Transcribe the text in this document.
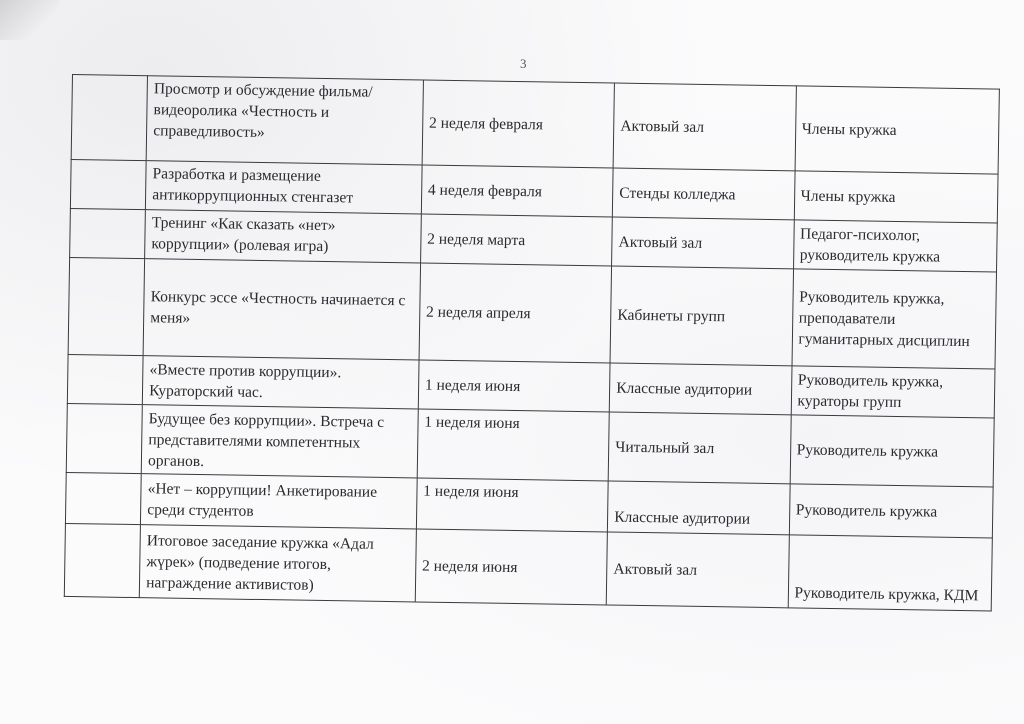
3
	Просмотр и обсуждение фильма/видеоролика «Честность и справедливость»	2 неделя февраля	Актовый зал	Члены кружка
	Разработка и размещение антикоррупционных стенгазет	4 неделя февраля	Стенды колледжа	Члены кружка
	Тренинг «Как сказать «нет» коррупции» (ролевая игра)	2 неделя марта	Актовый зал	Педагог-психолог, руководитель кружка
	Конкурс эссе «Честность начинается с меня»	2 неделя апреля	Кабинеты групп	Руководитель кружка, преподаватели гуманитарных дисциплин
	«Вместе против коррупции». Кураторский час.	1 неделя июня	Классные аудитории	Руководитель кружка, кураторы групп
	Будущее без коррупции». Встреча с представителями компетентных органов.	1 неделя июня	Читальный зал	Руководитель кружка
	«Нет – коррупции! Анкетирование среди студентов	1 неделя июня	Классные аудитории	Руководитель кружка
	Итоговое заседание кружка «Адал жүрек» (подведение итогов, награждение активистов)	2 неделя июня	Актовый зал	Руководитель кружка, КДМ
